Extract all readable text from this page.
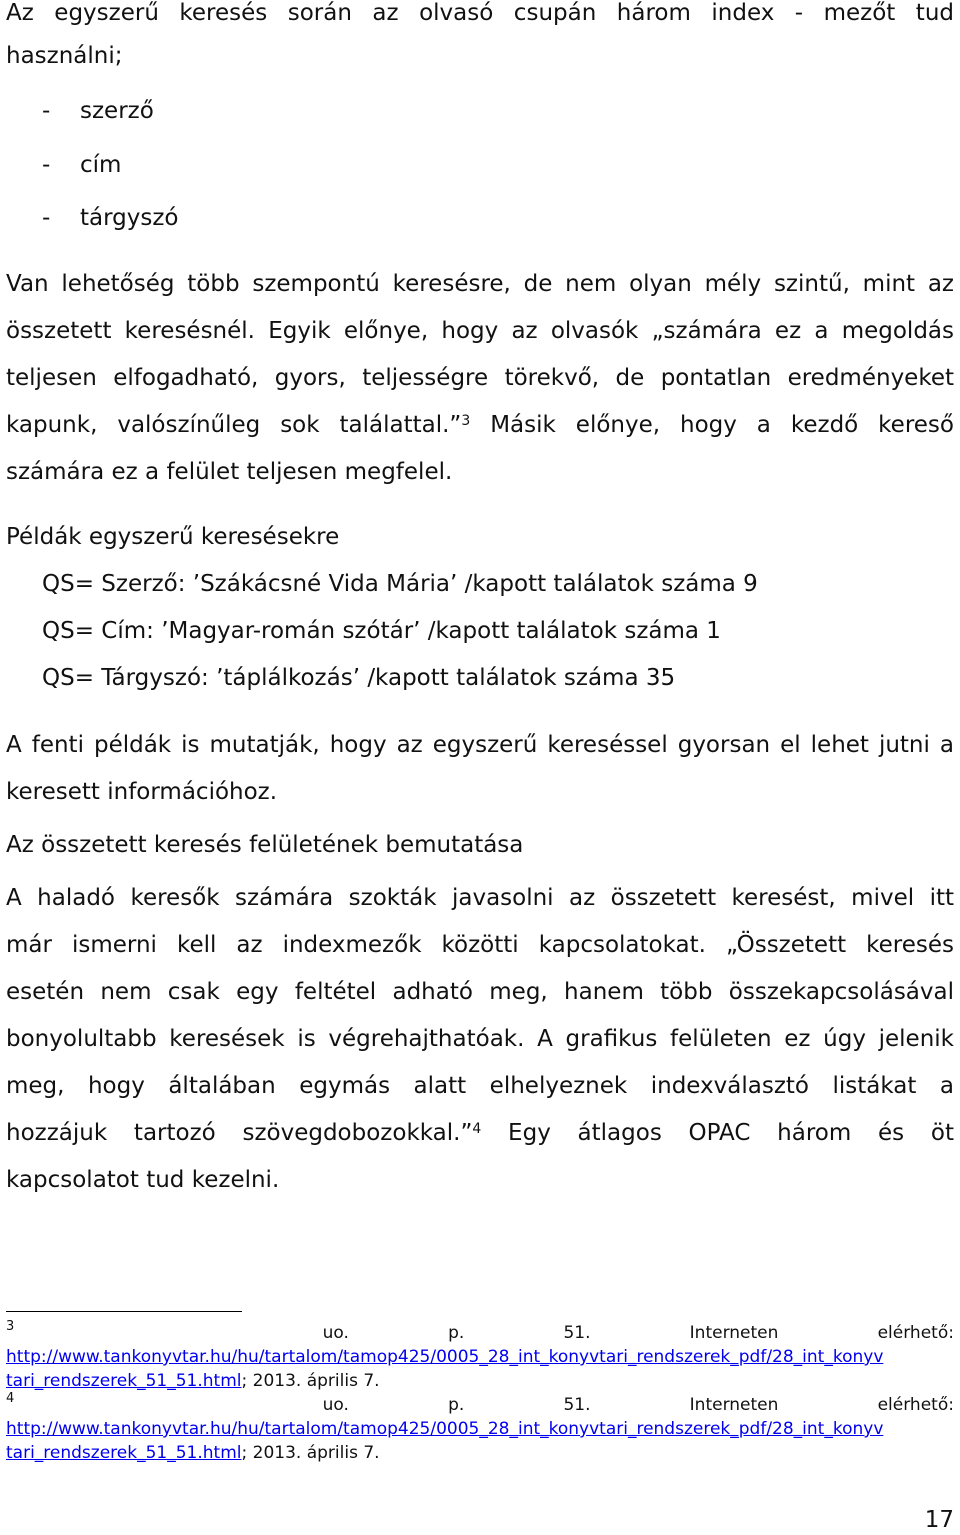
Az egyszerű keresés során az olvasó csupán három index - mezőt tud

használni;

- szerző

- cím

- tárgyszó

Van lehetőség több szempontú keresésre, de nem olyan mély szintű, mint az

összetett keresésnél. Egyik előnye, hogy az olvasók „számára ez a megoldás

teljesen elfogadható, gyors, teljességre törekvő, de pontatlan eredményeket

kapunk, valószínűleg sok találattal.”$^3$ Másik előnye, hogy a kezdő kereső

számára ez a felület teljesen megfelel.

Példák egyszerű keresésekre

QS= Szerző: ’Szákácsné Vida Mária’ /kapott találatok száma 9

QS= Cím: ’Magyar-román szótár’ /kapott találatok száma 1

QS= Tárgyszó: ’táplálkozás’ /kapott találatok száma 35

A fenti példák is mutatják, hogy az egyszerű kereséssel gyorsan el lehet jutni a

keresett információhoz.

Az összetett keresés felületének bemutatása

A haladó keresők számára szokták javasolni az összetett keresést, mivel itt

már ismerni kell az indexmezők közötti kapcsolatokat. „Összetett keresés

esetén nem csak egy feltétel adható meg, hanem több összekapcsolásával

bonyolultabb keresések is végrehajthatóak. A grafikus felületen ez úgy jelenik

meg, hogy általában egymás alatt elhelyeznek indexválasztó listákat a

hozzájuk tartozó szövegdobozokkal.”$^4$ Egy átlagos OPAC három és öt

kapcsolatot tud kezelni.

3	uo.	p.	51.	Interneten	elérhető:
http://www.tankonyvtar.hu/hu/tartalom/tamop425/0005_28_int_konyvtari_rendszerek_pdf/28_int_konyv
tari_rendszerek_51_51.html; 2013. április 7.
4	uo.	p.	51.	Interneten	elérhető:
http://www.tankonyvtar.hu/hu/tartalom/tamop425/0005_28_int_konyvtari_rendszerek_pdf/28_int_konyv
tari_rendszerek_51_51.html; 2013. április 7.
17
